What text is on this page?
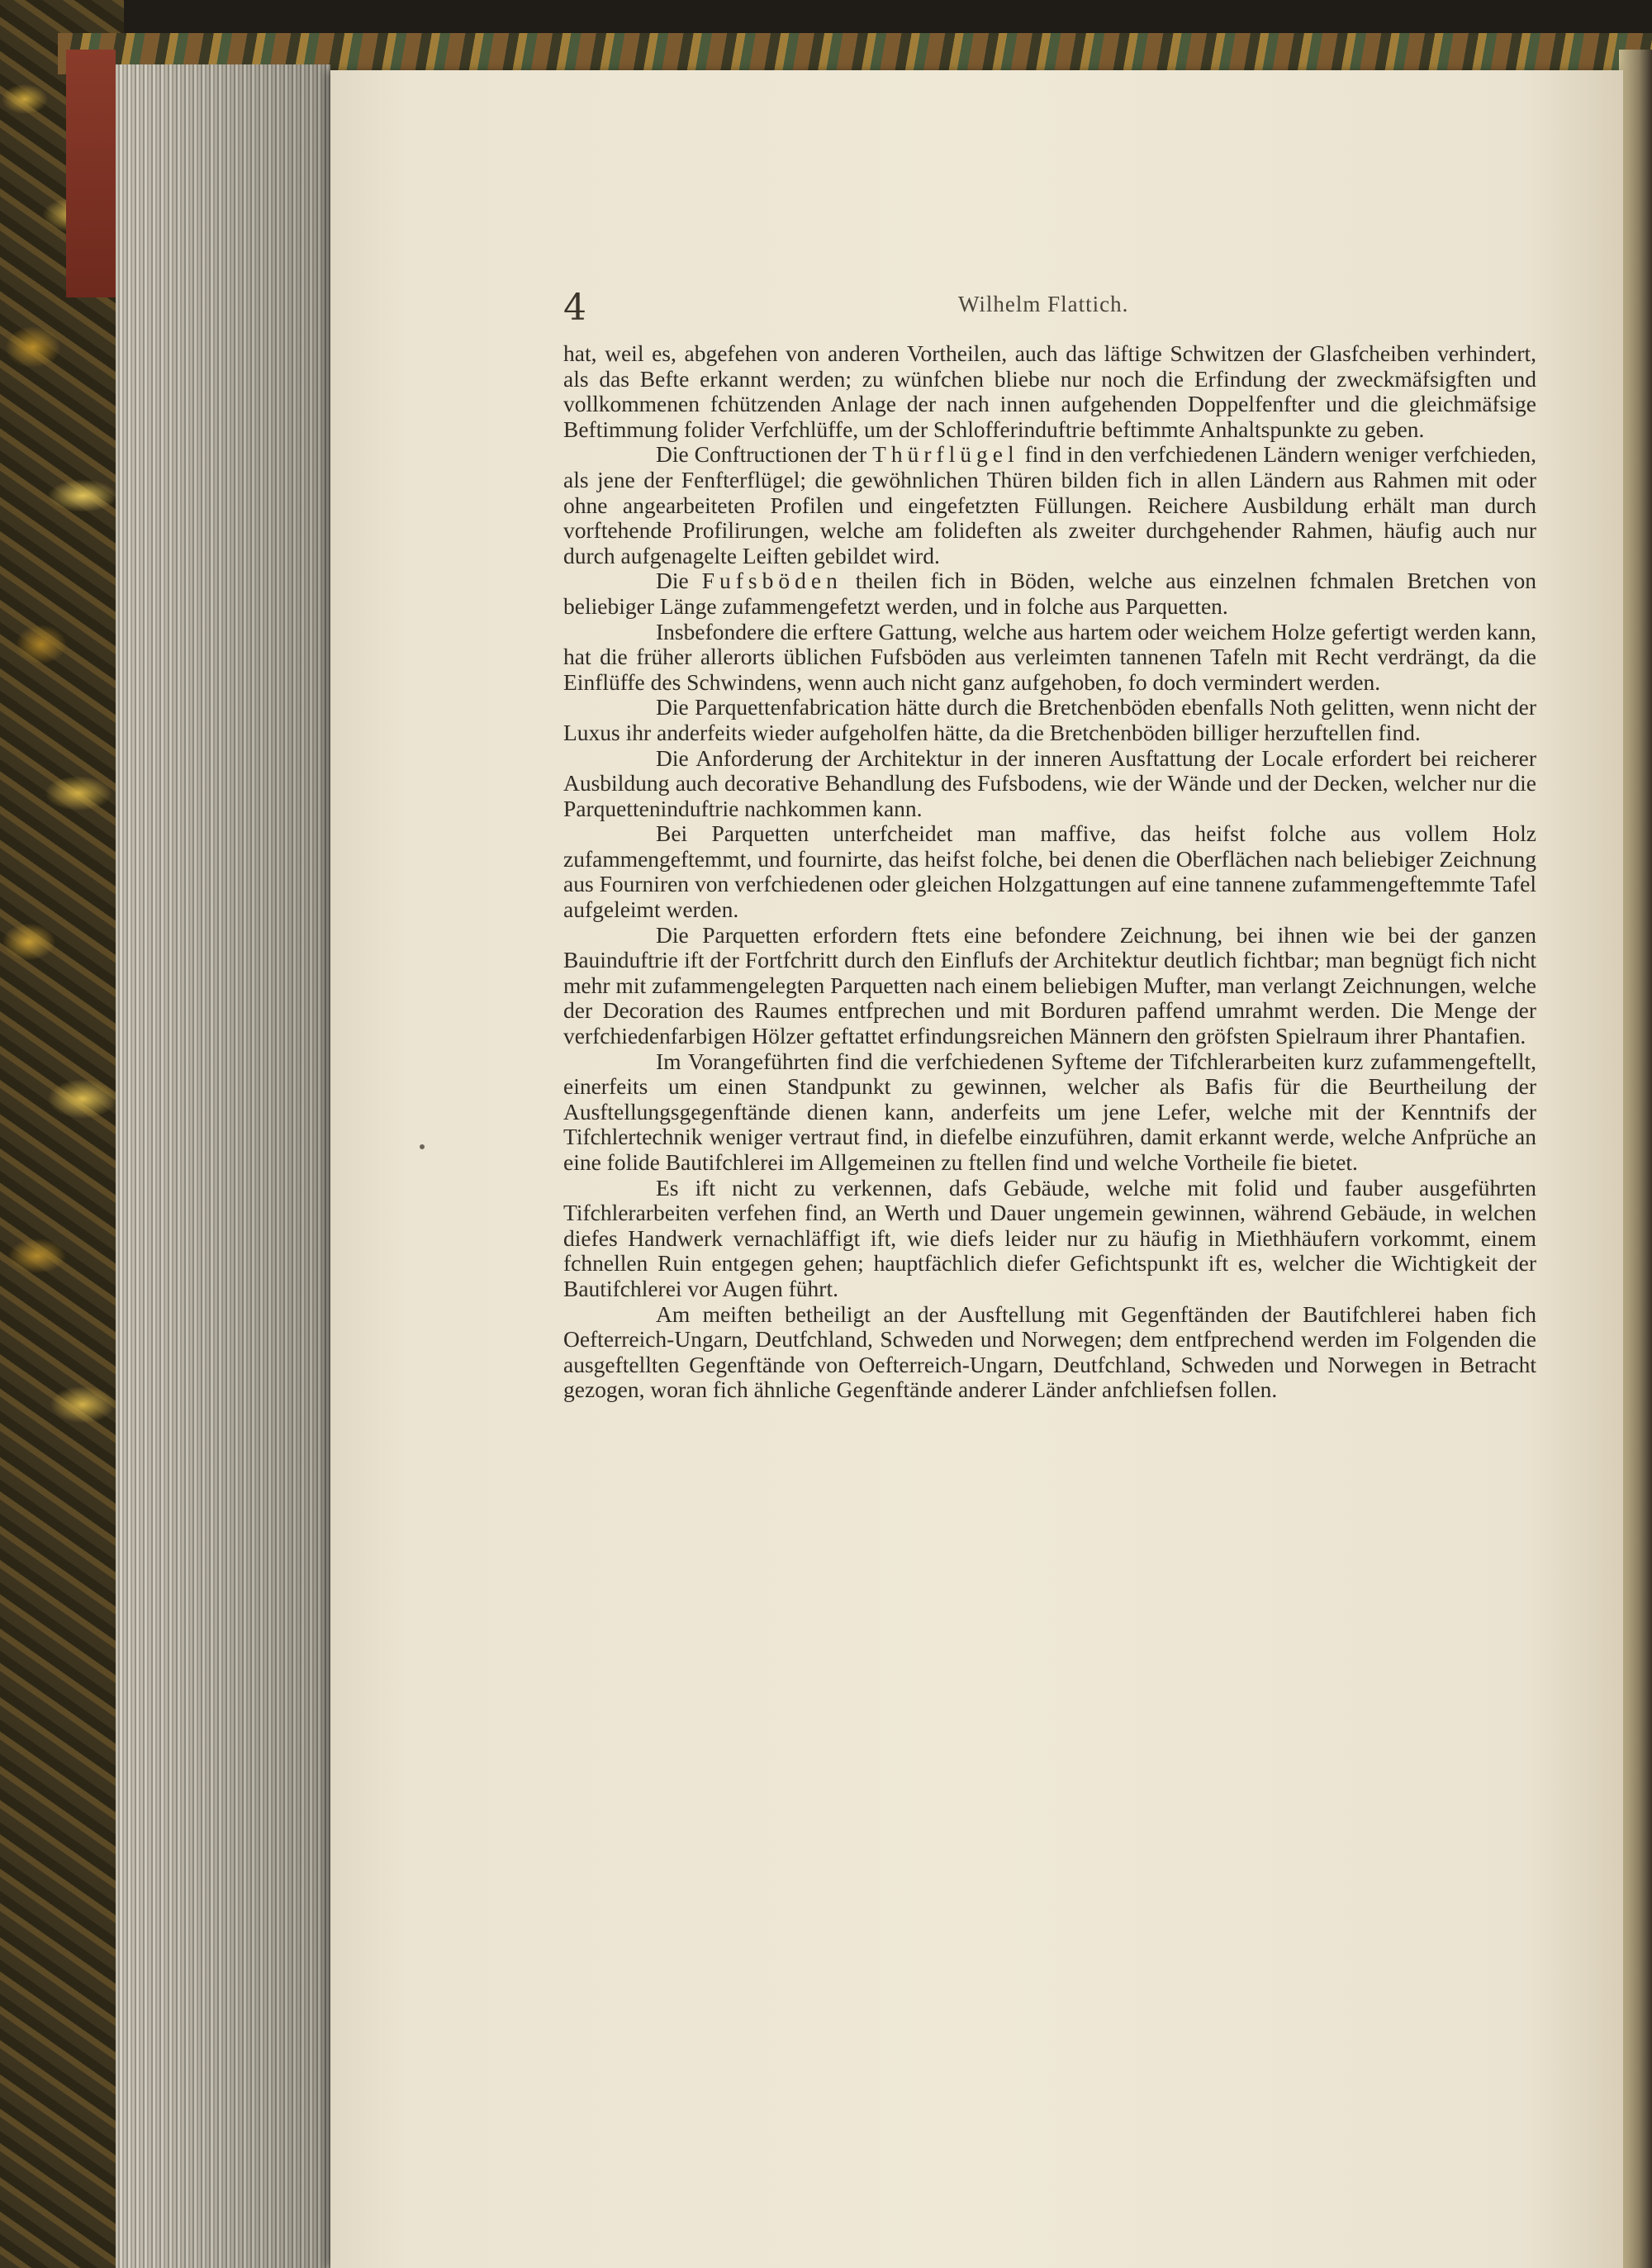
4	Wilhelm Flattich.

hat, weil es, abgefehen von anderen Vortheilen, auch das läftige Schwitzen der Glasfcheiben verhindert, als das Befte erkannt werden; zu wünfchen bliebe nur noch die Erfindung der zweckmäfsigften und vollkommenen fchützenden Anlage der nach innen aufgehenden Doppelfenfter und die gleichmäfsige Beftimmung folider Verfchlüffe, um der Schlofferinduftrie beftimmte Anhaltspunkte zu geben.

Die Conftructionen der Thürflügel find in den verfchiedenen Ländern weniger verfchieden, als jene der Fenfterflügel; die gewöhnlichen Thüren bilden fich in allen Ländern aus Rahmen mit oder ohne angearbeiteten Profilen und eingefetzten Füllungen. Reichere Ausbildung erhält man durch vorftehende Profilirungen, welche am folideften als zweiter durchgehender Rahmen, häufig auch nur durch aufgenagelte Leiften gebildet wird.

Die Fufsböden theilen fich in Böden, welche aus einzelnen fchmalen Bretchen von beliebiger Länge zufammengefetzt werden, und in folche aus Parquetten.

Insbefondere die erftere Gattung, welche aus hartem oder weichem Holze gefertigt werden kann, hat die früher allerorts üblichen Fufsböden aus verleimten tannenen Tafeln mit Recht verdrängt, da die Einflüffe des Schwindens, wenn auch nicht ganz aufgehoben, fo doch vermindert werden.

Die Parquettenfabrication hätte durch die Bretchenböden ebenfalls Noth gelitten, wenn nicht der Luxus ihr anderfeits wieder aufgeholfen hätte, da die Bretchenböden billiger herzuftellen find.

Die Anforderung der Architektur in der inneren Ausftattung der Locale erfordert bei reicherer Ausbildung auch decorative Behandlung des Fufsbodens, wie der Wände und der Decken, welcher nur die Parquetteninduftrie nachkommen kann.

Bei Parquetten unterfcheidet man maffive, das heifst folche aus vollem Holz zufammengeftemmt, und fournirte, das heifst folche, bei denen die Oberflächen nach beliebiger Zeichnung aus Fourniren von verfchiedenen oder gleichen Holzgattungen auf eine tannene zufammengeftemmte Tafel aufgeleimt werden.

Die Parquetten erfordern ftets eine befondere Zeichnung, bei ihnen wie bei der ganzen Bauinduftrie ift der Fortfchritt durch den Einflufs der Architektur deutlich fichtbar; man begnügt fich nicht mehr mit zufammengelegten Parquetten nach einem beliebigen Mufter, man verlangt Zeichnungen, welche der Decoration des Raumes entfprechen und mit Borduren paffend umrahmt werden. Die Menge der verfchiedenfarbigen Hölzer geftattet erfindungsreichen Männern den gröfsten Spielraum ihrer Phantafien.

Im Vorangeführten find die verfchiedenen Syfteme der Tifchlerarbeiten kurz zufammengeftellt, einerfeits um einen Standpunkt zu gewinnen, welcher als Bafis für die Beurtheilung der Ausftellungsgegenftände dienen kann, anderfeits um jene Lefer, welche mit der Kenntnifs der Tifchlertechnik weniger vertraut find, in diefelbe einzuführen, damit erkannt werde, welche Anfprüche an eine folide Bautifchlerei im Allgemeinen zu ftellen find und welche Vortheile fie bietet.

Es ift nicht zu verkennen, dafs Gebäude, welche mit folid und fauber ausgeführten Tifchlerarbeiten verfehen find, an Werth und Dauer ungemein gewinnen, während Gebäude, in welchen diefes Handwerk vernachläffigt ift, wie diefs leider nur zu häufig in Miethhäufern vorkommt, einem fchnellen Ruin entgegen gehen; hauptfächlich diefer Gefichtspunkt ift es, welcher die Wichtigkeit der Bautifchlerei vor Augen führt.

Am meiften betheiligt an der Ausftellung mit Gegenftänden der Bautifchlerei haben fich Oefterreich-Ungarn, Deutfchland, Schweden und Norwegen; dem entfprechend werden im Folgenden die ausgeftellten Gegenftände von Oefterreich-Ungarn, Deutfchland, Schweden und Norwegen in Betracht gezogen, woran fich ähnliche Gegenftände anderer Länder anfchliefsen follen.
